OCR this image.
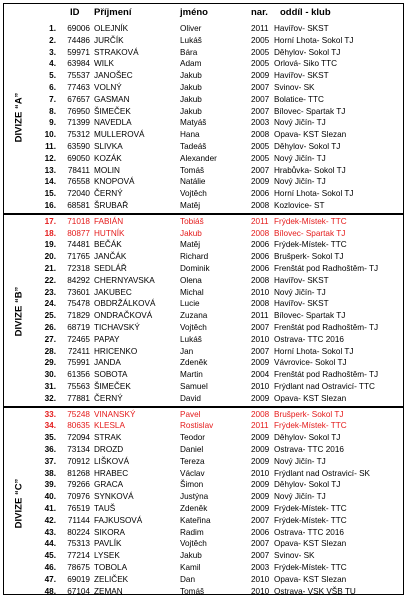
ID Příjmení	jméno	nar. oddíl - klub
DIVIZE “A”
1.	69006 OLEJNÍK	Oliver	2011 Havířov- SKST
2.	74486 JURČÍK	Lukáš	2005 Horní Lhota- Sokol TJ
3.	59971 STRAKOVÁ	Bára	2005 Děhylov- Sokol TJ
4.	63984 WILK	Adam	2005 Orlová- Siko TTC
5.	75537 JANOŠEC	Jakub	2009 Havířov- SKST
6.	77463 VOLNÝ	Jakub	2007 Svinov- SK
7.	67657 GASMAN	Jakub	2007 Bolatice- TTC
8.	76950 ŠIMEČEK	Jakub	2007 Bílovec- Spartak TJ
9.	71399 NAVEDLA	Matyáš	2003 Nový Jičín- TJ
10.	75312 MULLEROVÁ	Hana	2008 Opava- KST Slezan
11.	63590 SLIVKA	Tadeáš	2005 Děhylov- Sokol TJ
12.	69050 KOZÁK	Alexander	2005 Nový Jičín- TJ
13.	78411 MOLIN	Tomáš	2007 Hrabůvka- Sokol TJ
14.	76558 KNOPOVÁ	Natálie	2009 Nový Jičín- TJ
15.	72040 ČERNÝ	Vojtěch	2006 Horní Lhota- Sokol TJ
16.	68581 ŠRUBAŘ	Matěj	2008 Kozlovice- ST
DIVIZE “B”
17.	71018 FABIÁN	Tobiáš	2011 Frýdek-Místek- TTC
18.	80877 HUTNÍK	Jakub	2008 Bílovec- Spartak TJ
19.	74481 BEČÁK	Matěj	2006 Frýdek-Místek- TTC
20.	71765 JANČÁK	Richard	2006 Brušperk- Sokol TJ
21.	72318 SEDLÁŘ	Dominik	2006 Frenštát pod Radhoštěm- TJ
22.	84292 CHERNYAVSKA	Olena	2008 Havířov- SKST
23.	73601 JAKUBEC	Michal	2010 Nový Jičín- TJ
24.	75478 OBDRŽÁLKOVÁ	Lucie	2008 Havířov- SKST
25.	71829 ONDRAČKOVÁ	Zuzana	2011 Bílovec- Spartak TJ
26.	68719 TICHAVSKÝ	Vojtěch	2007 Frenštát pod Radhoštěm- TJ
27.	72465 PAPAY	Lukáš	2010 Ostrava- TTC 2016
28.	72411 HRICENKO	Jan	2007 Horní Lhota- Sokol TJ
29.	75991 JANDA	Zdeněk	2009 Vávrovice- Sokol TJ
30.	61356 SOBOTA	Martin	2004 Frenštát pod Radhoštěm- TJ
31.	75563 ŠIMEČEK	Samuel	2010 Frýdlant nad Ostravicí- TTC
32.	77881 ČERNÝ	David	2009 Opava- KST Slezan
DIVIZE “C”
33.	75248 VINANSKÝ	Pavel	2008 Brušperk- Sokol TJ
34.	80635 KLESLA	Rostislav	2011 Frýdek-Místek- TTC
35.	72094 STRAK	Teodor	2009 Děhylov- Sokol TJ
36.	73134 DROZD	Daniel	2009 Ostrava- TTC 2016
37.	70912 LIŠKOVÁ	Tereza	2009 Nový Jičín- TJ
38.	81268 HRABEC	Václav	2010 Frýdlant nad Ostravicí- SK
39.	79266 GRACA	Šimon	2009 Děhylov- Sokol TJ
40.	70976 SYNKOVÁ	Justýna	2009 Nový Jičín- TJ
41.	76519 TAUŠ	Zdeněk	2009 Frýdek-Místek- TTC
42.	71144 FAJKUSOVÁ	Kateřina	2007 Frýdek-Místek- TTC
43.	80224 SIKORA	Radim	2006 Ostrava- TTC 2016
44.	75313 PAVLÍK	Vojtěch	2007 Opava- KST Slezan
45.	77214 LYSEK	Jakub	2007 Svinov- SK
46.	78675 TOBOLA	Kamil	2003 Frýdek-Místek- TTC
47.	69019 ZELIČEK	Dan	2010 Opava- KST Slezan
48.	67104 ZEMAN	Tomáš	2010 Ostrava- VSK VŠB TU
